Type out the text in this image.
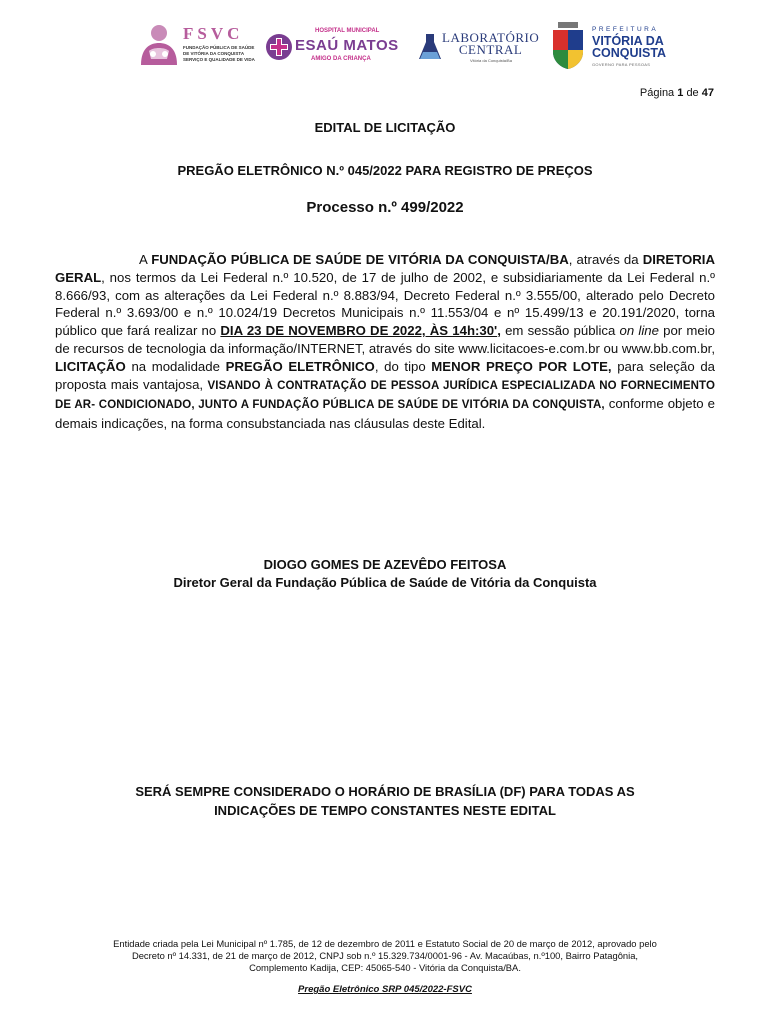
FSVC
FUNDAÇÃO PÚBLICA DE SAÚDE DE VITÓRIA DA CONQUISTA SERVIÇO E QUALIDADE DE VIDA
HOSPITAL MUNICIPAL
ESAÚ MATOS
AMIGO DA CRIANÇA
LABORATÓRIO
CENTRAL
Vitória da Conquista/Ba
PREFEITURA
VITÓRIA DA
CONQUISTA
GOVERNO PARA PESSOAS
Página 1 de 47
EDITAL DE LICITAÇÃO
PREGÃO ELETRÔNICO N.º 045/2022 PARA REGISTRO DE PREÇOS
Processo n.º 499/2022
A FUNDAÇÃO PÚBLICA DE SAÚDE DE VITÓRIA DA CONQUISTA/BA, através da DIRETORIA GERAL, nos termos da Lei Federal n.º 10.520, de 17 de julho de 2002, e subsidiariamente da Lei Federal n.º 8.666/93, com as alterações da Lei Federal n.º 8.883/94, Decreto Federal n.º 3.555/00, alterado pelo Decreto Federal n.º 3.693/00 e n.º 10.024/19 Decretos Municipais n.º 11.553/04 e nº 15.499/13 e 20.191/2020, torna público que fará realizar no DIA 23 DE NOVEMBRO DE 2022, ÀS 14h:30', em sessão pública on line por meio de recursos de tecnologia da informação/INTERNET, através do site www.licitacoes-e.com.br ou www.bb.com.br, LICITAÇÃO na modalidade PREGÃO ELETRÔNICO, do tipo MENOR PREÇO POR LOTE, para seleção da proposta mais vantajosa, VISANDO À CONTRATAÇÃO DE PESSOA JURÍDICA ESPECIALIZADA NO FORNECIMENTO DE AR- CONDICIONADO, JUNTO A FUNDAÇÃO PÚBLICA DE SAÚDE DE VITÓRIA DA CONQUISTA, conforme objeto e demais indicações, na forma consubstanciada nas cláusulas deste Edital.
DIOGO GOMES DE AZEVÊDO FEITOSA
Diretor Geral da Fundação Pública de Saúde de Vitória da Conquista
SERÁ SEMPRE CONSIDERADO O HORÁRIO DE BRASÍLIA (DF) PARA TODAS AS
INDICAÇÕES DE TEMPO CONSTANTES NESTE EDITAL
Entidade criada pela Lei Municipal nº 1.785, de 12 de dezembro de 2011 e Estatuto Social de 20 de março de 2012, aprovado pelo
Decreto nº 14.331, de 21 de março de 2012, CNPJ sob n.º 15.329.734/0001-96 - Av. Macaúbas, n.º100, Bairro Patagônia,
Complemento Kadija, CEP: 45065-540 - Vitória da Conquista/BA.
Pregão Eletrônico SRP 045/2022-FSVC
